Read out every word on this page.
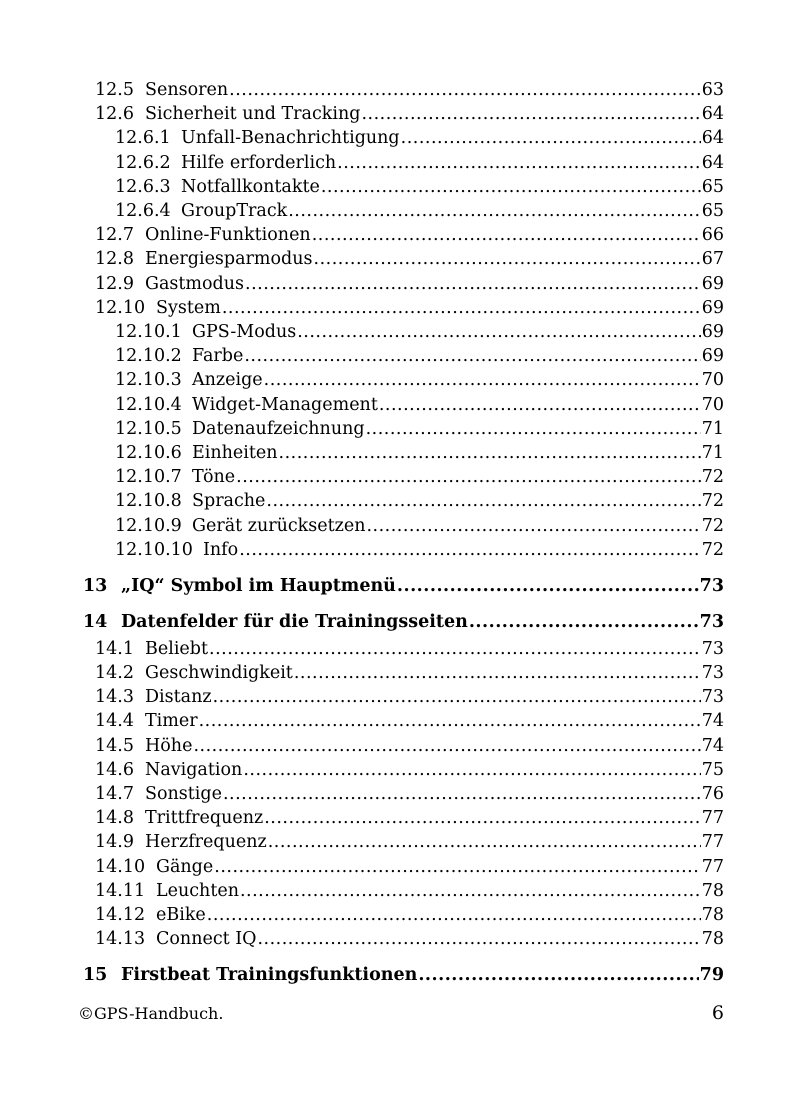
12.5 Sensoren .....	63
12.6 Sicherheit und Tracking .....	64
12.6.1 Unfall-Benachrichtigung .....	64
12.6.2 Hilfe erforderlich .....	64
12.6.3 Notfallkontakte .....	65
12.6.4 GroupTrack .....	65
12.7 Online-Funktionen .....	66
12.8 Energiesparmodus .....	67
12.9 Gastmodus .....	69
12.10 System .....	69
12.10.1 GPS-Modus .....	69
12.10.2 Farbe .....	69
12.10.3 Anzeige .....	70
12.10.4 Widget-Management .....	70
12.10.5 Datenaufzeichnung .....	71
12.10.6 Einheiten .....	71
12.10.7 Töne .....	72
12.10.8 Sprache .....	72
12.10.9 Gerät zurücksetzen .....	72
12.10.10 Info .....	72
13 „IQ“ Symbol im Hauptmenü .....	73
14 Datenfelder für die Trainingsseiten .....	73
14.1 Beliebt .....	73
14.2 Geschwindigkeit .....	73
14.3 Distanz .....	73
14.4 Timer .....	74
14.5 Höhe .....	74
14.6 Navigation .....	75
14.7 Sonstige .....	76
14.8 Trittfrequenz .....	77
14.9 Herzfrequenz .....	77
14.10 Gänge .....	77
14.11 Leuchten .....	78
14.12 eBike .....	78
14.13 Connect IQ .....	78
15 Firstbeat Trainingsfunktionen .....	79
©GPS-Handbuch.	6
